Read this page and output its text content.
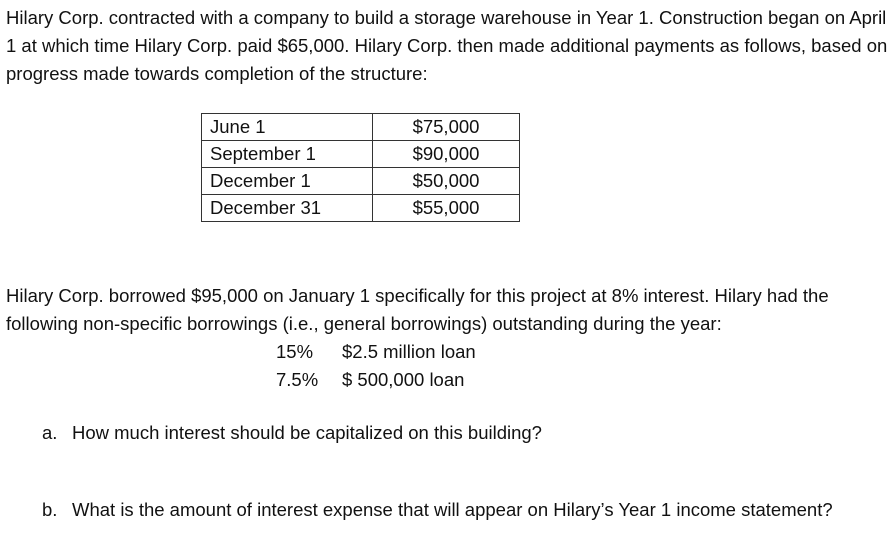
Hilary Corp. contracted with a company to build a storage warehouse in Year 1. Construction began on April 1 at which time Hilary Corp. paid $65,000. Hilary Corp. then made additional payments as follows, based on progress made towards completion of the structure:

June 1	$75,000
September 1	$90,000
December 1	$50,000
December 31	$55,000

Hilary Corp. borrowed $95,000 on January 1 specifically for this project at 8% interest. Hilary had the following non-specific borrowings (i.e., general borrowings) outstanding during the year:

15%	$2.5 million loan
7.5%	$ 500,000 loan
a. How much interest should be capitalized on this building?
b. What is the amount of interest expense that will appear on Hilary’s Year 1 income statement?
